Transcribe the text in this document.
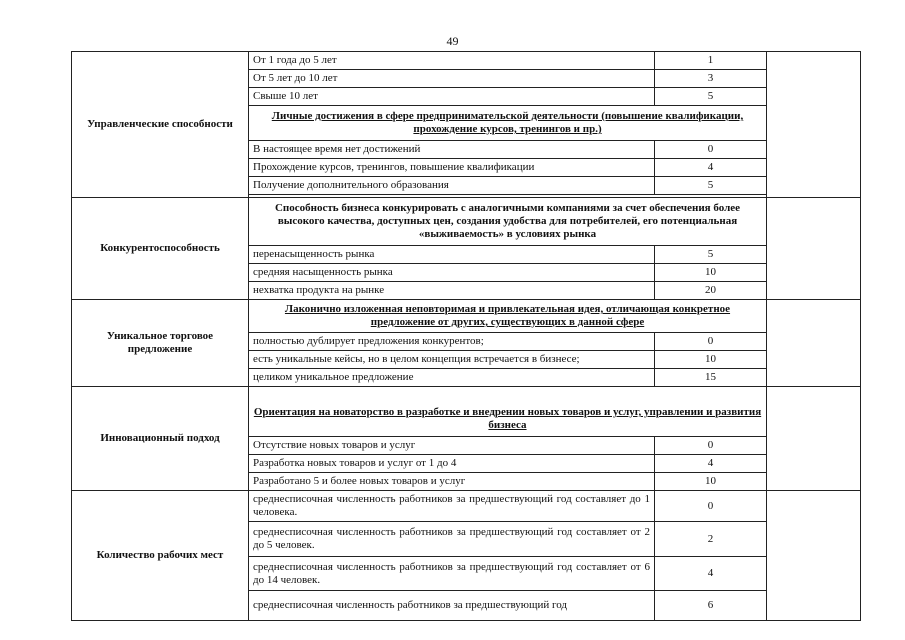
49
Управленческие способности	От 1 года до 5 лет	1	
	От 5 лет до 10 лет	3	
	Свыше 10 лет	5	
	Личные достижения в сфере предпринимательской деятельности (повышение квалификации, прохождение курсов, тренингов и пр.)		
	В настоящее время нет достижений	0	
	Прохождение курсов, тренингов, повышение квалификации	4	
	Получение дополнительного образования	5	

Конкурентоспособность	Способность бизнеса конкурировать с аналогичными компаниями за счет обеспечения более высокого качества, доступных цен, создания удобства для потребителей, его потенциальная «выживаемость» в условиях рынка		
	перенасыщенность рынка	5	
	средняя насыщенность рынка	10	
	нехватка продукта на рынке	20	
Уникальное торговое предложение	Лаконично изложенная неповторимая и привлекательная идея, отличающая конкретное предложение от других, существующих в данной сфере		
	полностью дублирует предложения конкурентов;	0	
	есть уникальные кейсы, но в целом концепция встречается в бизнесе;	10	
	целиком уникальное предложение	15	
Инновационный подход	Ориентация на новаторство в разработке и внедрении новых товаров и услуг, управлении и развития бизнеса		
	Отсутствие новых товаров и услуг	0	
	Разработка новых товаров и услуг от 1 до 4	4	
	Разработано 5 и более новых товаров и услуг	10	
Количество рабочих мест	среднесписочная численность работников за предшествующий год составляет до 1 человека.	0	
	среднесписочная численность работников за предшествующий год составляет от 2 до 5 человек.	2	
	среднесписочная численность работников за предшествующий год составляет от 6 до 14 человек.	4	
	среднесписочная численность работников за предшествующий год	6	
